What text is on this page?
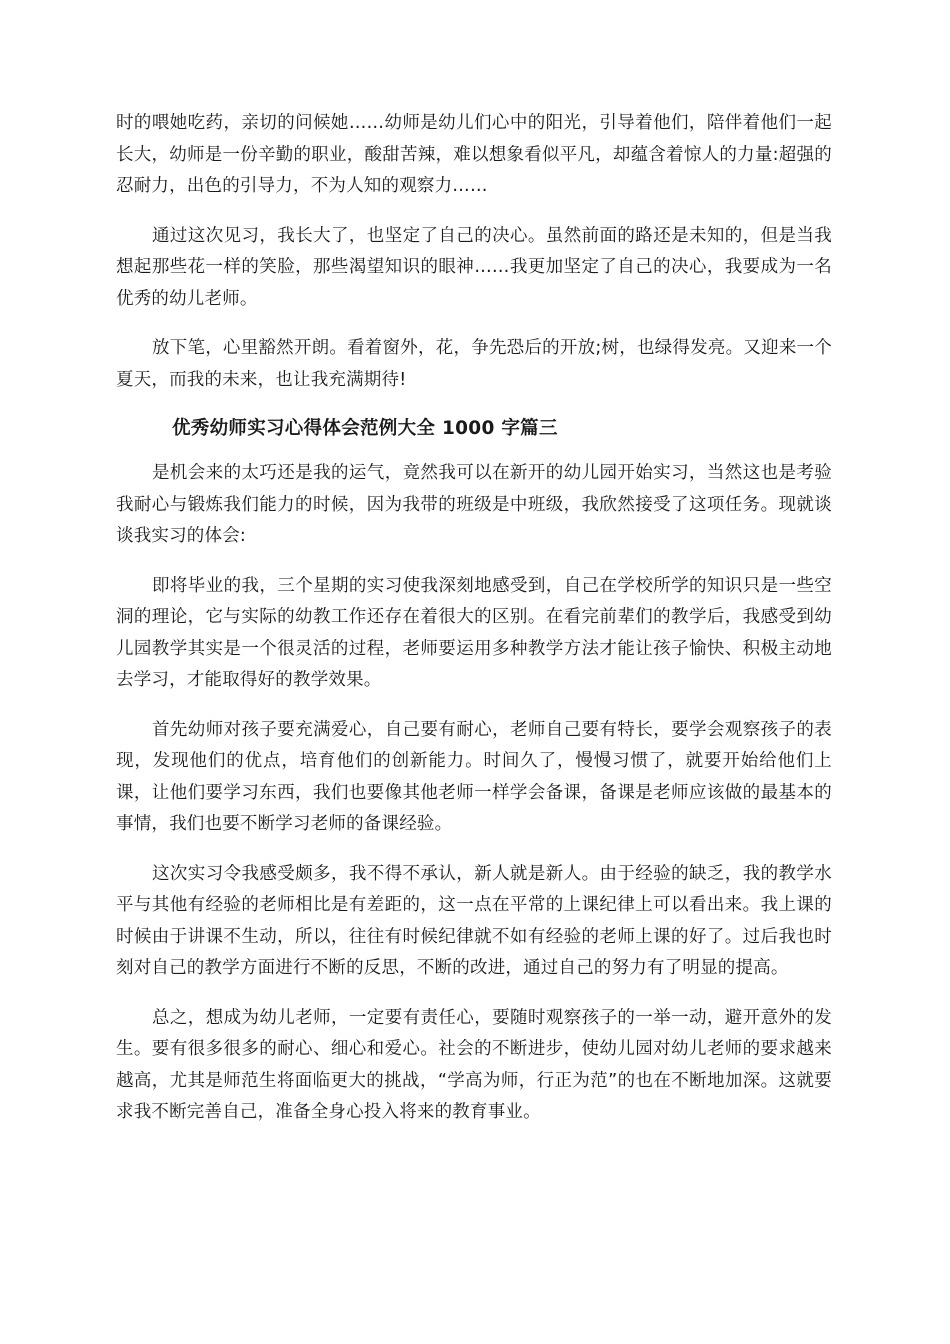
时的喂她吃药，亲切的问候她……幼师是幼儿们心中的阳光，引导着他们，陪伴着他们一起长大，幼师是一份辛勤的职业，酸甜苦辣，难以想象看似平凡，却蕴含着惊人的力量:超强的忍耐力，出色的引导力，不为人知的观察力……

通过这次见习，我长大了，也坚定了自己的决心。虽然前面的路还是未知的，但是当我想起那些花一样的笑脸，那些渴望知识的眼神……我更加坚定了自己的决心，我要成为一名优秀的幼儿老师。

放下笔，心里豁然开朗。看着窗外，花，争先恐后的开放;树，也绿得发亮。又迎来一个夏天，而我的未来，也让我充满期待!

优秀幼师实习心得体会范例大全 1000 字篇三

是机会来的太巧还是我的运气，竟然我可以在新开的幼儿园开始实习，当然这也是考验我耐心与锻炼我们能力的时候，因为我带的班级是中班级，我欣然接受了这项任务。现就谈谈我实习的体会:

即将毕业的我，三个星期的实习使我深刻地感受到，自己在学校所学的知识只是一些空洞的理论，它与实际的幼教工作还存在着很大的区别。在看完前辈们的教学后，我感受到幼儿园教学其实是一个很灵活的过程，老师要运用多种教学方法才能让孩子愉快、积极主动地去学习，才能取得好的教学效果。

首先幼师对孩子要充满爱心，自己要有耐心，老师自己要有特长，要学会观察孩子的表现，发现他们的优点，培育他们的创新能力。时间久了，慢慢习惯了，就要开始给他们上课，让他们要学习东西，我们也要像其他老师一样学会备课，备课是老师应该做的最基本的事情，我们也要不断学习老师的备课经验。

这次实习令我感受颇多，我不得不承认，新人就是新人。由于经验的缺乏，我的教学水平与其他有经验的老师相比是有差距的，这一点在平常的上课纪律上可以看出来。我上课的时候由于讲课不生动，所以，往往有时候纪律就不如有经验的老师上课的好了。过后我也时刻对自己的教学方面进行不断的反思，不断的改进，通过自己的努力有了明显的提高。

总之，想成为幼儿老师，一定要有责任心，要随时观察孩子的一举一动，避开意外的发生。要有很多很多的耐心、细心和爱心。社会的不断进步，使幼儿园对幼儿老师的要求越来越高，尤其是师范生将面临更大的挑战，“学高为师，行正为范”的也在不断地加深。这就要求我不断完善自己，准备全身心投入将来的教育事业。
